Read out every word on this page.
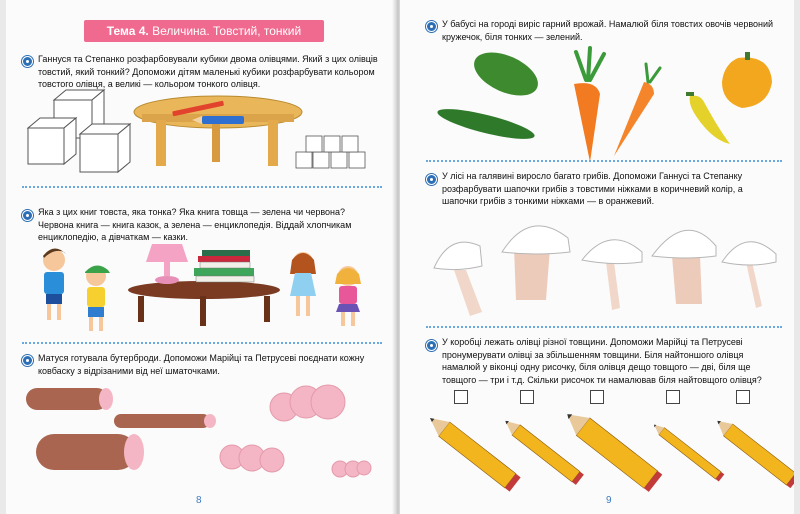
Тема 4. Величина. Товстий, тонкий
Ганнуся та Степанко розфарбовували кубики двома олівцями. Який з цих олівців товстий, який тонкий? Допоможи дітям маленькі кубики розфарбувати кольором товстого олівця, а великі — кольором тонкого олівця.
Яка з цих книг товста, яка тонка? Яка книга товща — зелена чи червона? Червона книга — книга казок, а зелена — енциклопедія. Віддай хлопчикам енциклопедію, а дівчаткам — казки.
Матуся готувала бутерброди. Допоможи Марійці та Петрусеві поєднати кожну ковбаску з відрізаними від неї шматочками.
8
У бабусі на городі виріс гарний врожай. Намалюй біля товстих овочів червоний кружечок, біля тонких — зелений.
У лісі на галявині виросло багато грибів. Допоможи Ганнусі та Степанку розфарбувати шапочки грибів з товстими ніжками в коричневий колір, а шапочки грибів з тонкими ніжками — в оранжевий.
У коробці лежать олівці різної товщини. Допоможи Марійці та Петрусеві пронумерувати олівці за збільшенням товщини. Біля найтоншого олівця намалюй у віконці одну рисочку, біля олівця дещо товщого — дві, біля ще товщого — три і т.д. Скільки рисочок ти намалював біля найтовщого олівця?
9
